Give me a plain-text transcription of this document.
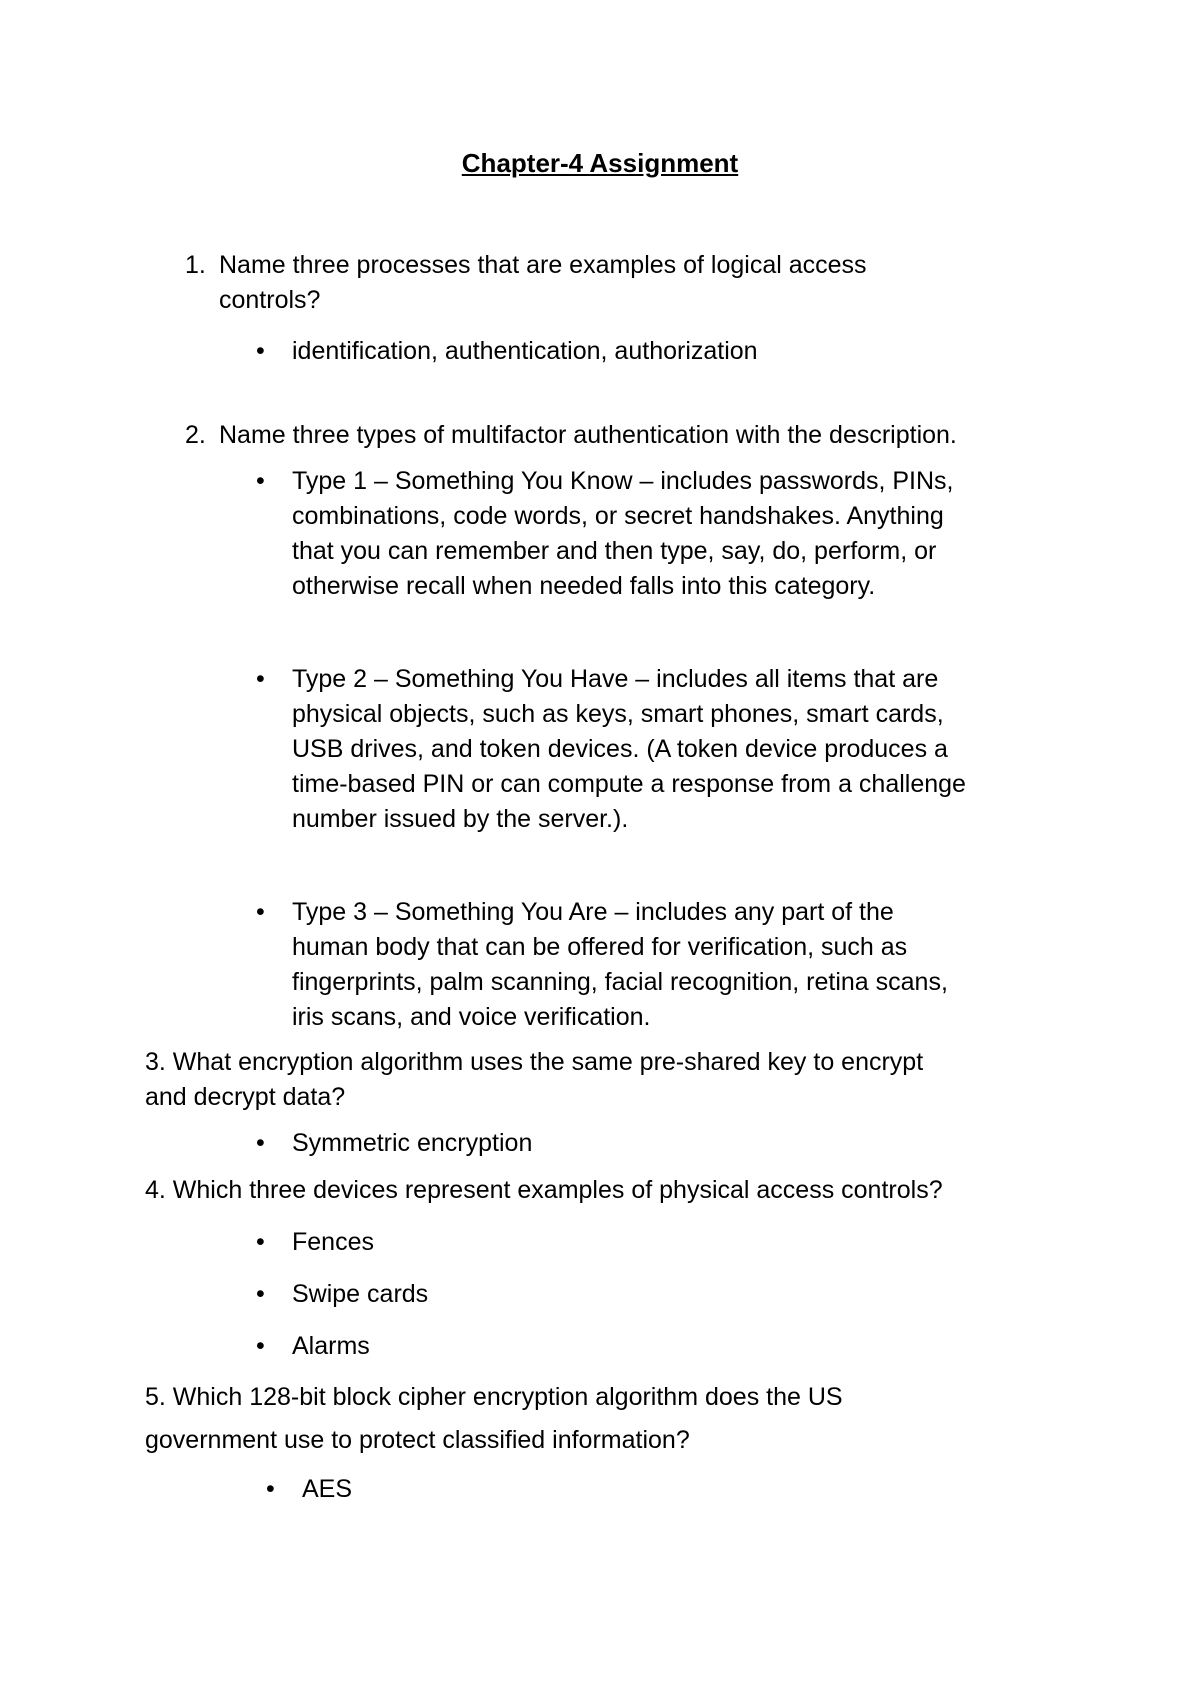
Chapter-4 Assignment
1. Name three processes that are examples of logical access
controls?
• identification, authentication, authorization
2. Name three types of multifactor authentication with the description.
• Type 1 – Something You Know – includes passwords, PINs,
combinations, code words, or secret handshakes. Anything
that you can remember and then type, say, do, perform, or
otherwise recall when needed falls into this category.
• Type 2 – Something You Have – includes all items that are
physical objects, such as keys, smart phones, smart cards,
USB drives, and token devices. (A token device produces a
time-based PIN or can compute a response from a challenge
number issued by the server.).
• Type 3 – Something You Are – includes any part of the
human body that can be offered for verification, such as
fingerprints, palm scanning, facial recognition, retina scans,
iris scans, and voice verification.
3. What encryption algorithm uses the same pre-shared key to encrypt
and decrypt data?
• Symmetric encryption
4. Which three devices represent examples of physical access controls?
• Fences
• Swipe cards
• Alarms
5. Which 128-bit block cipher encryption algorithm does the US
government use to protect classified information?
• AES
